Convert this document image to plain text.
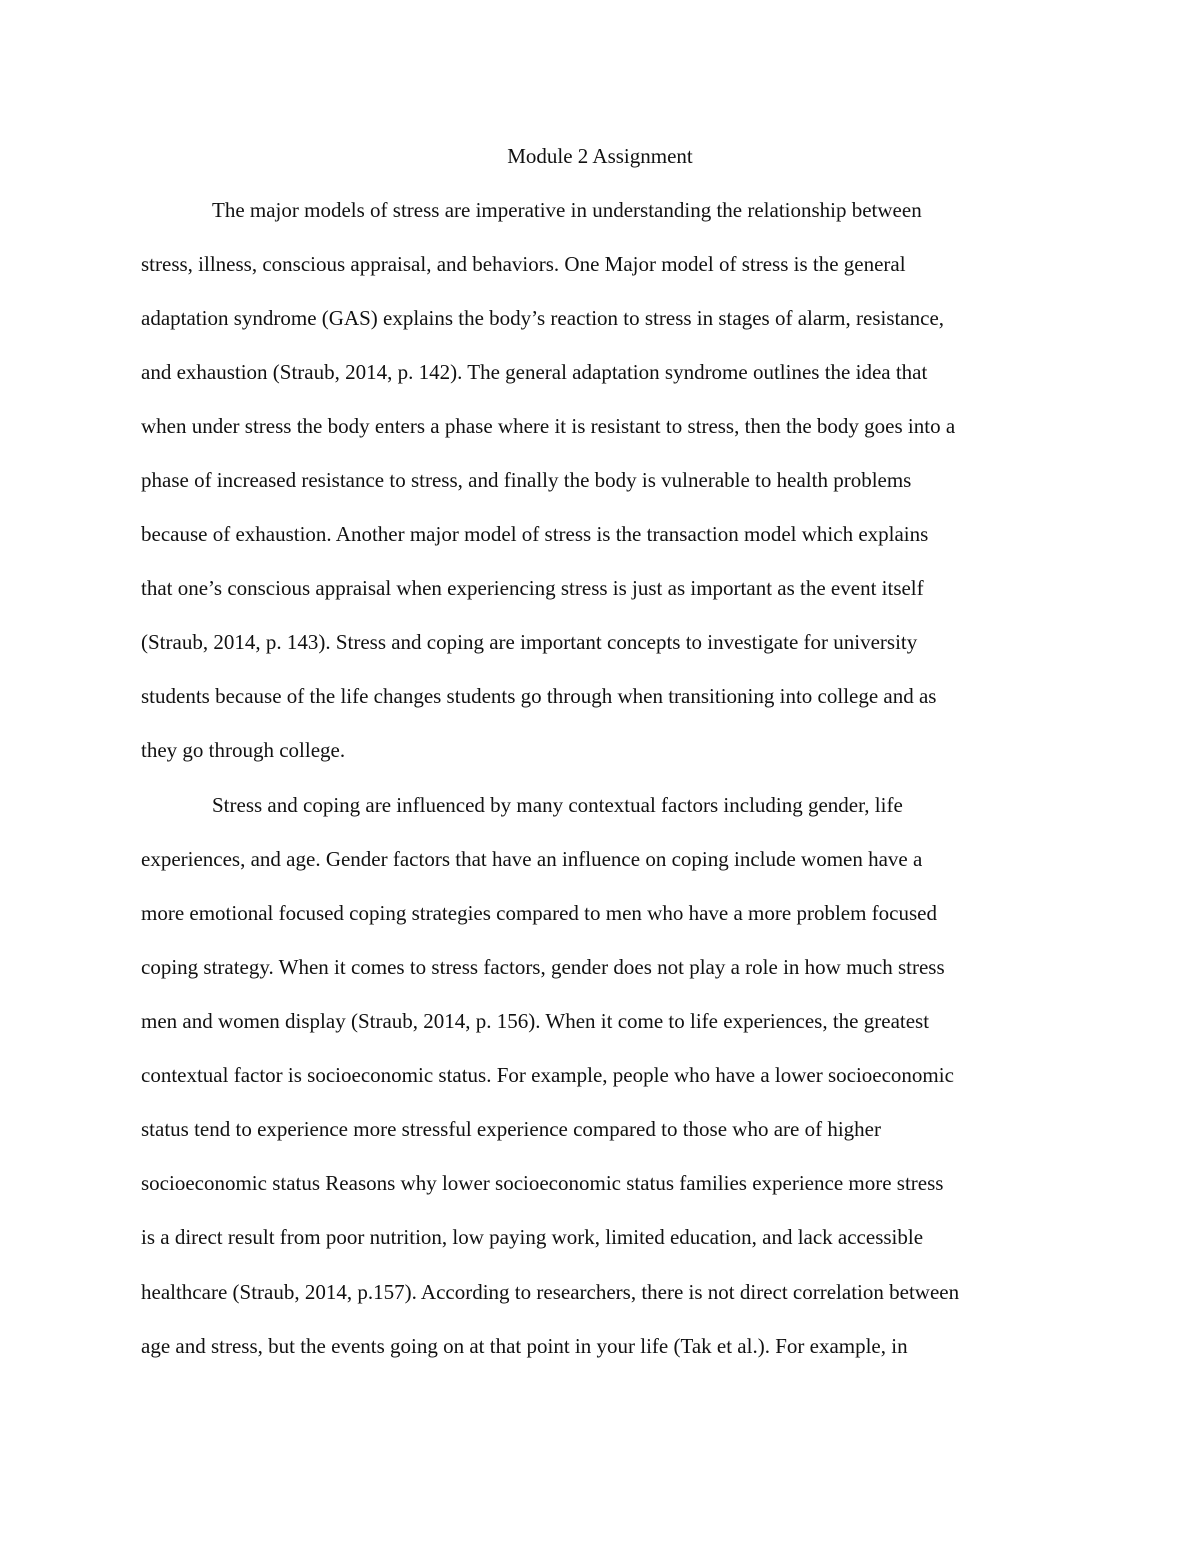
Module 2 Assignment
The major models of stress are imperative in understanding the relationship between
stress, illness, conscious appraisal, and behaviors. One Major model of stress is the general
adaptation syndrome (GAS) explains the body’s reaction to stress in stages of alarm, resistance,
and exhaustion (Straub, 2014, p. 142). The general adaptation syndrome outlines the idea that
when under stress the body enters a phase where it is resistant to stress, then the body goes into a
phase of increased resistance to stress, and finally the body is vulnerable to health problems
because of exhaustion. Another major model of stress is the transaction model which explains
that one’s conscious appraisal when experiencing stress is just as important as the event itself
(Straub, 2014, p. 143). Stress and coping are important concepts to investigate for university
students because of the life changes students go through when transitioning into college and as
they go through college.
Stress and coping are influenced by many contextual factors including gender, life
experiences, and age. Gender factors that have an influence on coping include women have a
more emotional focused coping strategies compared to men who have a more problem focused
coping strategy. When it comes to stress factors, gender does not play a role in how much stress
men and women display (Straub, 2014, p. 156). When it come to life experiences, the greatest
contextual factor is socioeconomic status. For example, people who have a lower socioeconomic
status tend to experience more stressful experience compared to those who are of higher
socioeconomic status Reasons why lower socioeconomic status families experience more stress
is a direct result from poor nutrition, low paying work, limited education, and lack accessible
healthcare (Straub, 2014, p.157). According to researchers, there is not direct correlation between
age and stress, but the events going on at that point in your life (Tak et al.). For example, in
